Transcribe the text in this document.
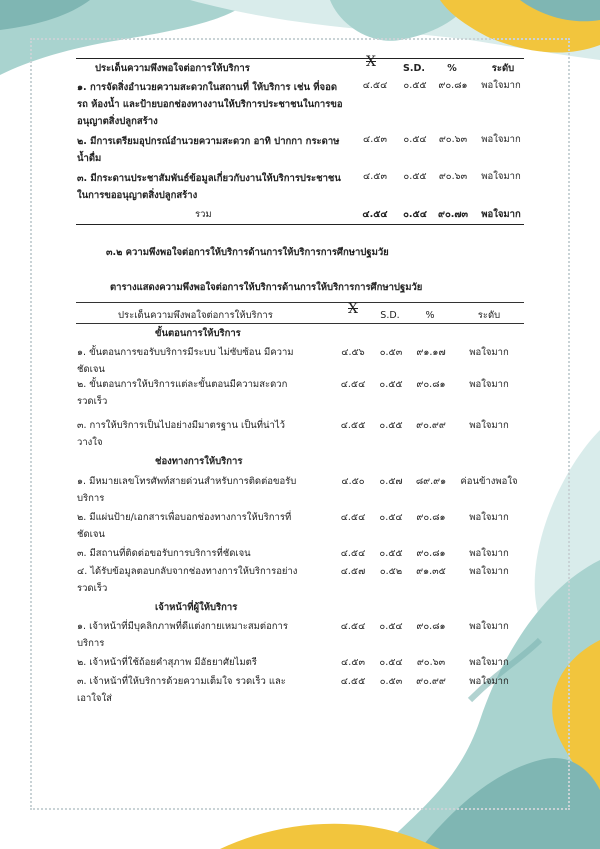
ประเด็นความพึงพอใจต่อการให้บริการ	X	S.D.	%	ระดับ
๑. การจัดสิ่งอำนวยความสะดวกในสถานที่ ให้บริการ เช่น ที่จอดรถ ห้องน้ำ และป้ายบอกช่องทางงานให้บริการประชาชนในการขออนุญาตสิ่งปลูกสร้าง
๔.๕๔	๐.๕๕	๙๐.๘๑	พอใจมาก
๒. มีการเตรียมอุปกรณ์อำนวยความสะดวก อาทิ ปากกา กระดาษ น้ำดื่ม
๔.๕๓	๐.๕๔	๙๐.๖๓	พอใจมาก
๓. มีกระดานประชาสัมพันธ์ข้อมูลเกี่ยวกับงานให้บริการประชาชนในการขออนุญาตสิ่งปลูกสร้าง
๔.๕๓	๐.๕๕	๙๐.๖๓	พอใจมาก
รวม	๔.๕๔	๐.๕๔	๙๐.๗๓	พอใจมาก
๓.๒ ความพึงพอใจต่อการให้บริการด้านการให้บริการการศึกษาปฐมวัย
ตารางแสดงความพึงพอใจต่อการให้บริการด้านการให้บริการการศึกษาปฐมวัย
ประเด็นความพึงพอใจต่อการให้บริการ	X	S.D.	%	ระดับ
ขั้นตอนการให้บริการ
๑. ขั้นตอนการขอรับบริการมีระบบ ไม่ซับซ้อน มีความ
ชัดเจน
๔.๕๖	๐.๕๓	๙๑.๑๗	พอใจมาก
๒. ขั้นตอนการให้บริการแต่ละขั้นตอนมีความสะดวก
รวดเร็ว
๔.๕๔	๐.๕๕	๙๐.๘๑	พอใจมาก
๓. การให้บริการเป็นไปอย่างมีมาตรฐาน เป็นที่น่าไว้
วางใจ
๔.๕๕	๐.๕๕	๙๐.๙๙	พอใจมาก
ช่องทางการให้บริการ
๑. มีหมายเลขโทรศัพท์สายด่วนสำหรับการติดต่อขอรับ
บริการ
๔.๕๐	๐.๕๗	๘๙.๙๑	ค่อนข้างพอใจ
๒. มีแผ่นป้าย/เอกสารเพื่อบอกช่องทางการให้บริการที่
ชัดเจน
๔.๕๔	๐.๕๔	๙๐.๘๑	พอใจมาก
๓. มีสถานที่ติดต่อขอรับการบริการที่ชัดเจน	๔.๕๔	๐.๕๕	๙๐.๘๑	พอใจมาก
๔. ได้รับข้อมูลตอบกลับจากช่องทางการให้บริการอย่าง
รวดเร็ว
๔.๕๗	๐.๕๒	๙๑.๓๕	พอใจมาก
เจ้าหน้าที่ผู้ให้บริการ
๑. เจ้าหน้าที่มีบุคลิกภาพที่ดีแต่งกายเหมาะสมต่อการ
บริการ
๔.๕๔	๐.๕๔	๙๐.๘๑	พอใจมาก
๒. เจ้าหน้าที่ใช้ถ้อยคำสุภาพ มีอัธยาศัยไมตรี	๔.๕๓	๐.๕๔	๙๐.๖๓	พอใจมาก
๓. เจ้าหน้าที่ให้บริการด้วยความเต็มใจ รวดเร็ว และ
เอาใจใส่
๔.๕๕	๐.๕๓	๙๐.๙๙	พอใจมาก
